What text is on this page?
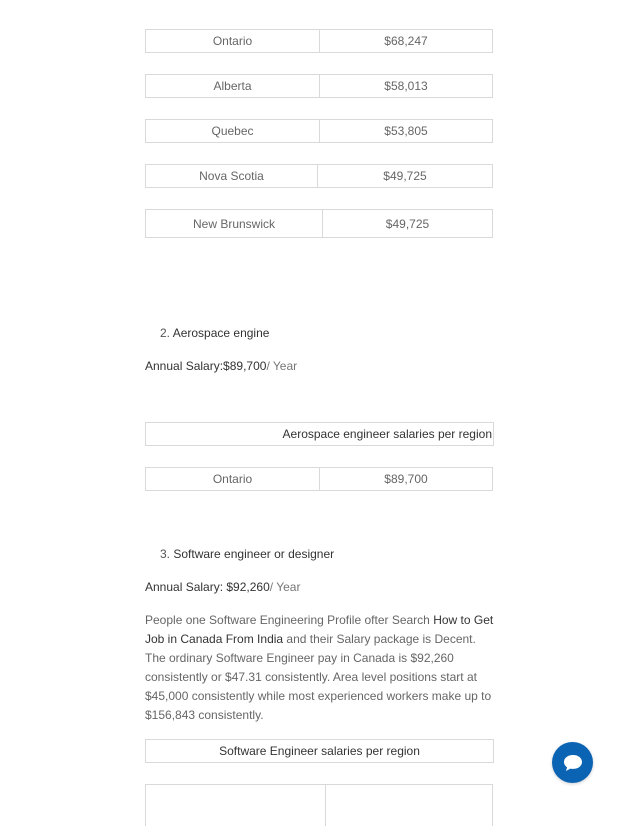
Ontario	$68,247
Alberta	$58,013
Quebec	$53,805
Nova Scotia	$49,725
New Brunswick	$49,725
2. Aerospace engine
Annual Salary:$89,700/ Year
Aerospace engineer salaries per region
Ontario	$89,700
3. Software engineer or designer
Annual Salary: $92,260/ Year

People one Software Engineering Profile ofter Search How to Get Job in Canada From India and their Salary package is Decent. The ordinary Software Engineer pay in Canada is $92,260 consistently or $47.31 consistently. Area level positions start at $45,000 consistently while most experienced workers make up to $156,843 consistently.

Software Engineer salaries per region
